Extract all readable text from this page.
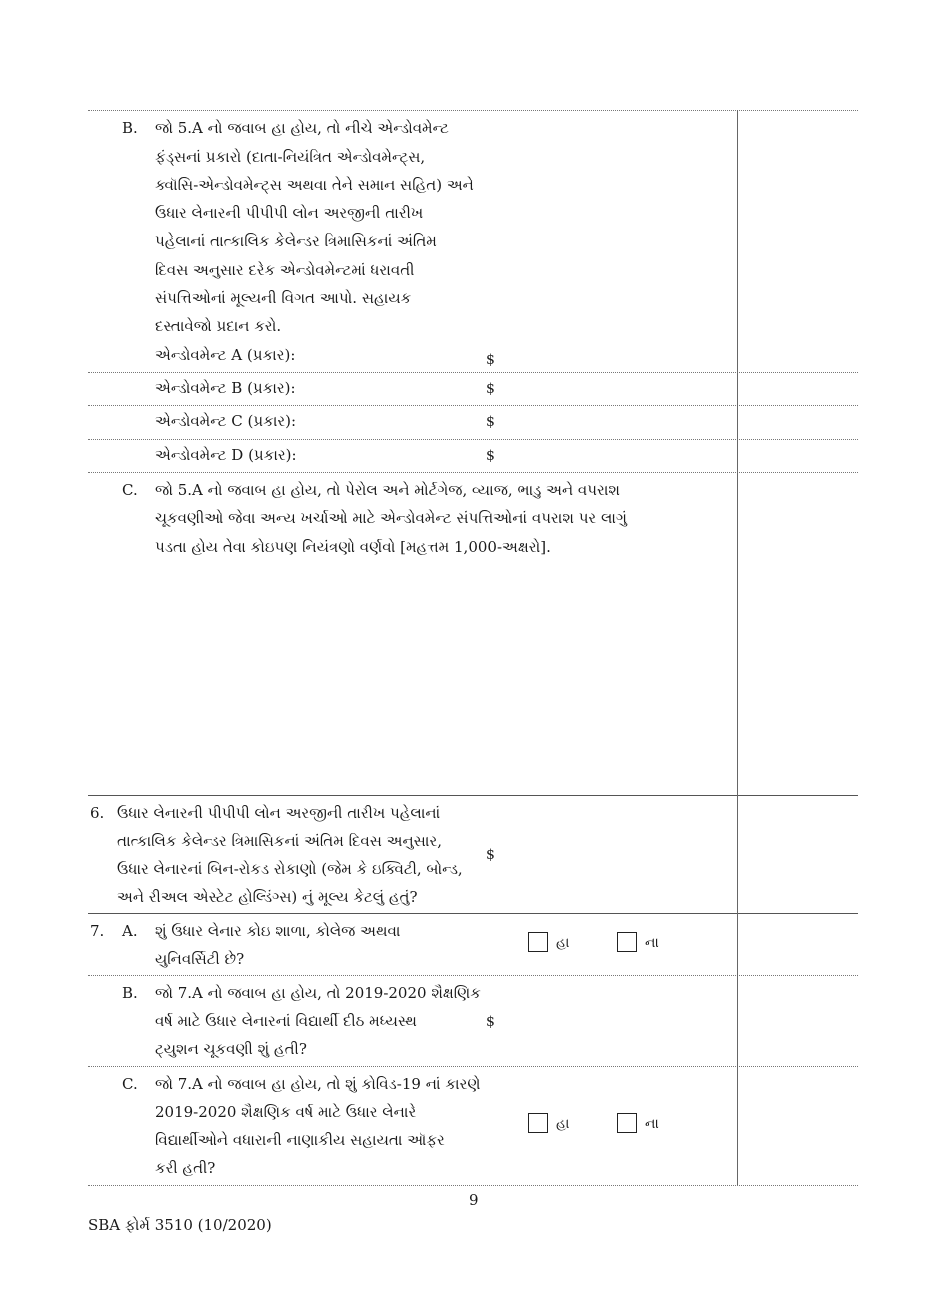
B. જો 5.A નો જવાબ હા હોય, તો નીચે એન્ડોવમેન્ટ
ફંડ્સનાં પ્રકારો (દાતા-નિયંત્રિત એન્ડોવમેન્ટ્સ,
ક્વૉસિ-એન્ડોવમેન્ટ્સ અથવા તેને સમાન સહિત) અને
ઉધાર લેનારની પીપીપી લોન અરજીની તારીખ
પહેલાનાં તાત્કાલિક કેલેન્ડર ત્રિમાસિકનાં અંતિમ
દિવસ અનુસાર દરેક એન્ડોવમેન્ટમાં ધરાવતી
સંપત્તિઓનાં મૂલ્યની વિગત આપો. સહાયક
દસ્તાવેજો પ્રદાન કરો.
એન્ડોવમેન્ટ A (પ્રકાર):	$
એન્ડોવમેન્ટ B (પ્રકાર):	$
એન્ડોવમેન્ટ C (પ્રકાર):	$
એન્ડોવમેન્ટ D (પ્રકાર):	$
C. જો 5.A નો જવાબ હા હોય, તો પેરોલ અને મોર્ટગેજ, વ્યાજ, ભાડુ અને વપરાશ
ચૂકવણીઓ જેવા અન્ય ખર્ચાઓ માટે એન્ડોવમેન્ટ સંપત્તિઓનાં વપરાશ પર લાગું
પડતા હોય તેવા કોઇપણ નિયંત્રણો વર્ણવો [મહત્તમ 1,000-અક્ષરો].
6. ઉધાર લેનારની પીપીપી લોન અરજીની તારીખ પહેલાનાં
તાત્કાલિક કેલેન્ડર ત્રિમાસિકનાં અંતિમ દિવસ અનુસાર,
ઉધાર લેનારનાં બિન-રોકડ રોકાણો (જેમ કે ઇક્વિટી, બોન્ડ,
અને રીઅલ એસ્ટેટ હોલ્ડિંગ્સ) નું મૂલ્ય કેટલું હતું?
$
7. A. શું ઉધાર લેનાર કોઇ શાળા, કોલેજ અથવા
યુનિવર્સિટી છે?
હા	ના
B. જો 7.A નો જવાબ હા હોય, તો 2019-2020 શૈક્ષણિક
વર્ષ માટે ઉધાર લેનારનાં વિદ્યાર્થી દીઠ મધ્યસ્થ
ટ્યુશન ચૂકવણી શું હતી?
$
C. જો 7.A નો જવાબ હા હોય, તો શું કોવિડ-19 નાં કારણે
2019-2020 શૈક્ષણિક વર્ષ માટે ઉધાર લેનારે
વિદ્યાર્થીઓને વધારાની નાણાકીય સહાયતા ઑફર
કરી હતી?
હા	ના
9
SBA ફોર્મ 3510 (10/2020)
